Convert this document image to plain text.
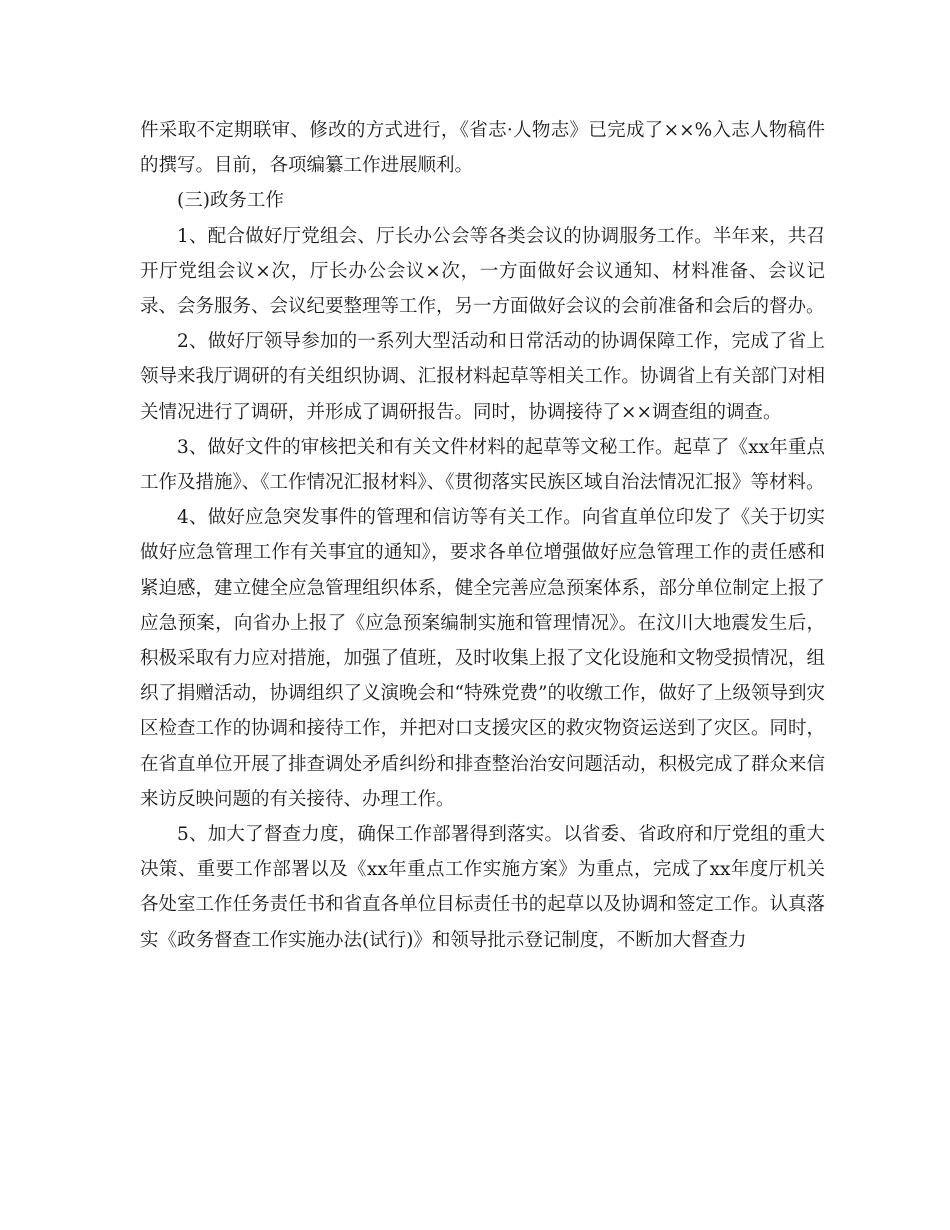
件采取不定期联审、修改的方式进行，《省志·人物志》已完成了××%入志人物稿件的撰写。目前，各项编纂工作进展顺利。

(三)政务工作

1、配合做好厅党组会、厅长办公会等各类会议的协调服务工作。半年来，共召开厅党组会议×次，厅长办公会议×次，一方面做好会议通知、材料准备、会议记录、会务服务、会议纪要整理等工作，另一方面做好会议的会前准备和会后的督办。

2、做好厅领导参加的一系列大型活动和日常活动的协调保障工作，完成了省上领导来我厅调研的有关组织协调、汇报材料起草等相关工作。协调省上有关部门对相关情况进行了调研，并形成了调研报告。同时，协调接待了××调查组的调查。

3、做好文件的审核把关和有关文件材料的起草等文秘工作。起草了《xx年重点工作及措施》、《工作情况汇报材料》、《贯彻落实民族区域自治法情况汇报》等材料。

4、做好应急突发事件的管理和信访等有关工作。向省直单位印发了《关于切实做好应急管理工作有关事宜的通知》，要求各单位增强做好应急管理工作的责任感和紧迫感，建立健全应急管理组织体系，健全完善应急预案体系，部分单位制定上报了应急预案，向省办上报了《应急预案编制实施和管理情况》。在汶川大地震发生后，积极采取有力应对措施，加强了值班，及时收集上报了文化设施和文物受损情况，组织了捐赠活动，协调组织了义演晚会和“特殊党费”的收缴工作，做好了上级领导到灾区检查工作的协调和接待工作，并把对口支援灾区的救灾物资运送到了灾区。同时，在省直单位开展了排查调处矛盾纠纷和排查整治治安问题活动，积极完成了群众来信来访反映问题的有关接待、办理工作。

5、加大了督查力度，确保工作部署得到落实。以省委、省政府和厅党组的重大决策、重要工作部署以及《xx年重点工作实施方案》为重点，完成了xx年度厅机关各处室工作任务责任书和省直各单位目标责任书的起草以及协调和签定工作。认真落实《政务督查工作实施办法(试行)》和领导批示登记制度，不断加大督查力
